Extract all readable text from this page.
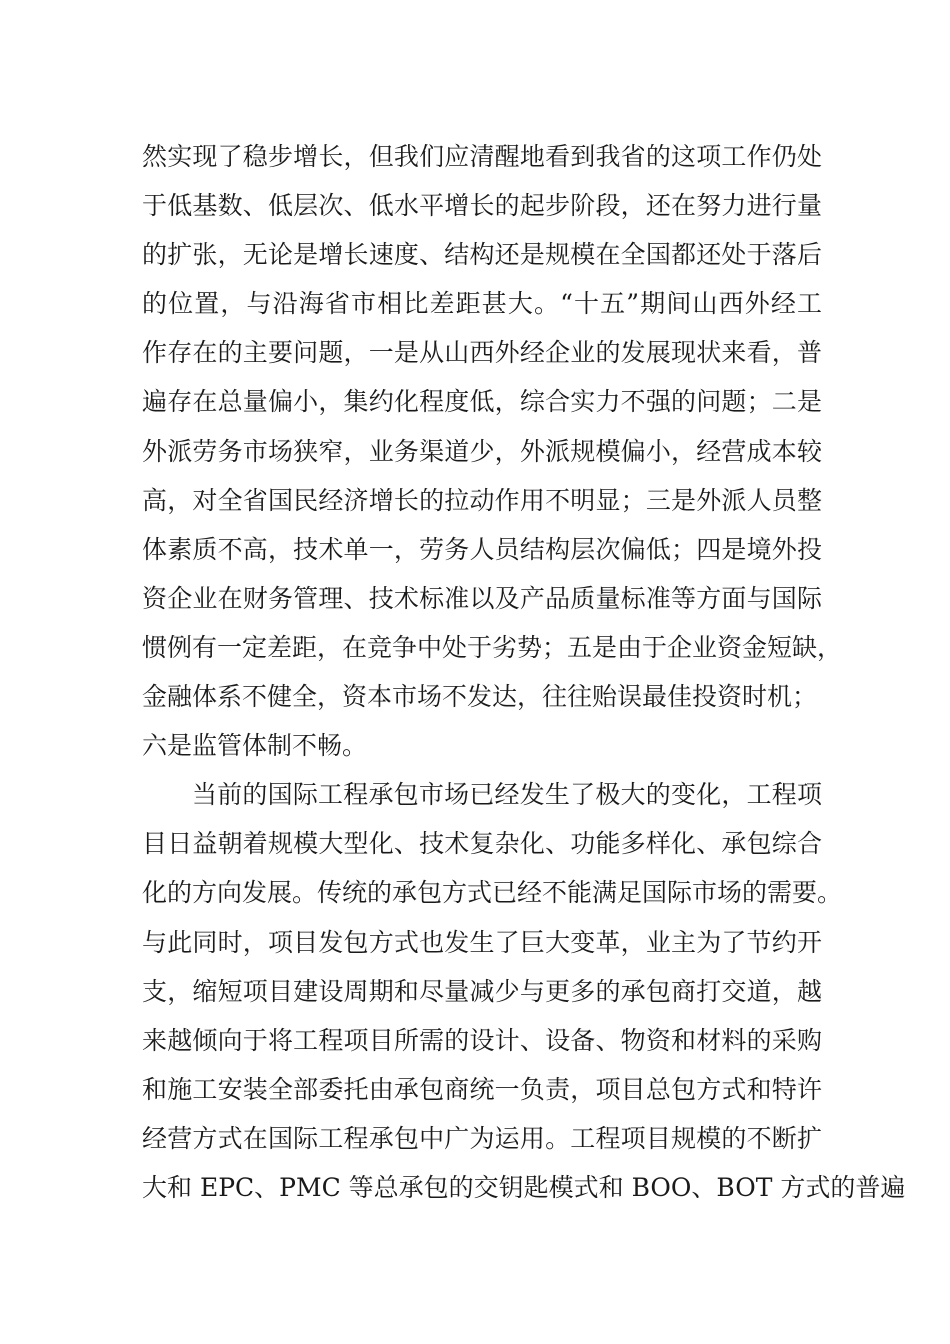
然实现了稳步增长，但我们应清醒地看到我省的这项工作仍处
于低基数、低层次、低水平增长的起步阶段，还在努力进行量
的扩张，无论是增长速度、结构还是规模在全国都还处于落后
的位置，与沿海省市相比差距甚大。“十五”期间山西外经工
作存在的主要问题，一是从山西外经企业的发展现状来看，普
遍存在总量偏小，集约化程度低，综合实力不强的问题；二是
外派劳务市场狭窄，业务渠道少，外派规模偏小，经营成本较
高，对全省国民经济增长的拉动作用不明显；三是外派人员整
体素质不高，技术单一，劳务人员结构层次偏低；四是境外投
资企业在财务管理、技术标准以及产品质量标准等方面与国际
惯例有一定差距，在竞争中处于劣势；五是由于企业资金短缺，
金融体系不健全，资本市场不发达，往往贻误最佳投资时机；
六是监管体制不畅。
当前的国际工程承包市场已经发生了极大的变化，工程项
目日益朝着规模大型化、技术复杂化、功能多样化、承包综合
化的方向发展。传统的承包方式已经不能满足国际市场的需要。
与此同时，项目发包方式也发生了巨大变革，业主为了节约开
支，缩短项目建设周期和尽量减少与更多的承包商打交道，越
来越倾向于将工程项目所需的设计、设备、物资和材料的采购
和施工安装全部委托由承包商统一负责，项目总包方式和特许
经营方式在国际工程承包中广为运用。工程项目规模的不断扩
大和 EPC、PMC 等总承包的交钥匙模式和 BOO、BOT 方式的普遍
